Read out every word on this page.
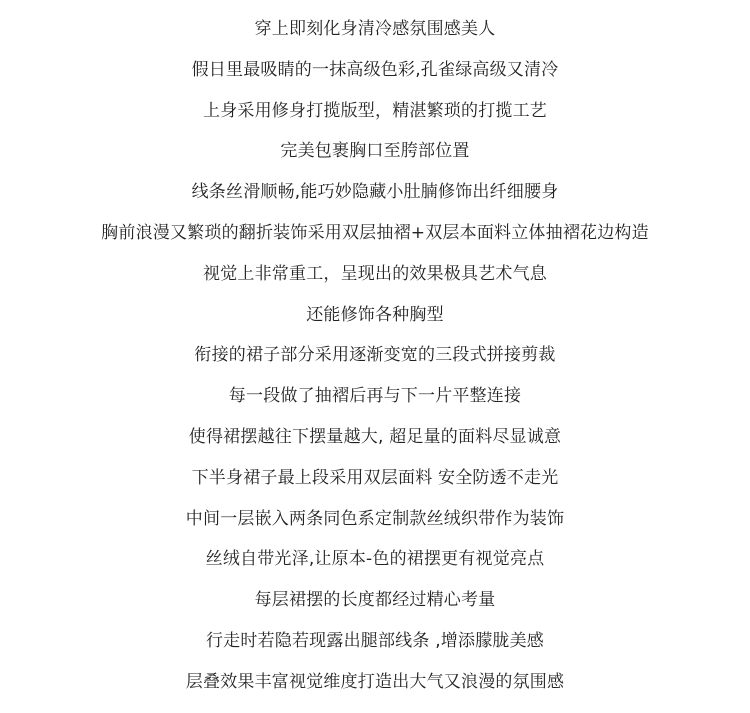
穿上即刻化身清冷感氛围感美人
假日里最吸睛的一抹高级色彩,孔雀绿高级又清冷
上身采用修身打揽版型，精湛繁琐的打揽工艺
完美包裹胸口至胯部位置
线条丝滑顺畅,能巧妙隐藏小肚腩修饰出纤细腰身
胸前浪漫又繁琐的翻折装饰采用双层抽褶+双层本面料立体抽褶花边构造
视觉上非常重工，呈现出的效果极具艺术气息
还能修饰各种胸型
衔接的裙子部分采用逐渐变宽的三段式拼接剪裁
每一段做了抽褶后再与下一片平整连接
使得裙摆越往下摆量越大, 超足量的面料尽显诚意
下半身裙子最上段采用双层面料 安全防透不走光
中间一层嵌入两条同色系定制款丝绒织带作为装饰
丝绒自带光泽,让原本-色的裙摆更有视觉亮点
每层裙摆的长度都经过精心考量
行走时若隐若现露出腿部线条 ,增添朦胧美感
层叠效果丰富视觉维度打造出大气又浪漫的氛围感
